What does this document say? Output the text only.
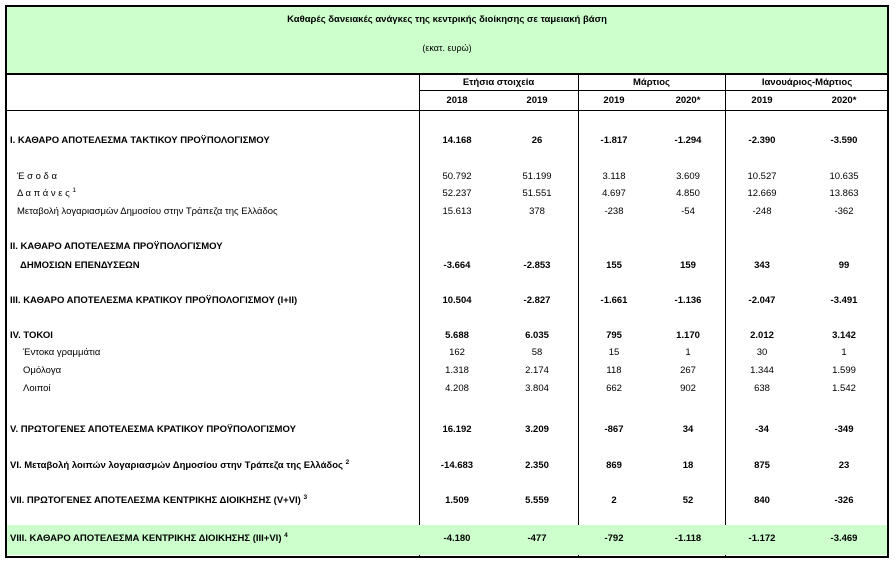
Καθαρές δανειακές ανάγκες της κεντρικής διοίκησης σε ταμειακή βάση
(εκατ. ευρώ)
Ετήσια στοιχεία	Μάρτιος	Ιανουάριος-Μάρτιος
2018	2019	2019	2020*	2019	2020*
I. ΚΑΘΑΡΟ ΑΠΟΤΕΛΕΣΜΑ ΤΑΚΤΙΚΟΥ ΠΡΟΫΠΟΛΟΓΙΣΜΟΥ	14.168	26	-1.817	-1.294	-2.390	-3.590
Έ σ ο δ α	50.792	51.199	3.118	3.609	10.527	10.635
Δ α π ά ν ε ς $^1$	52.237	51.551	4.697	4.850	12.669	13.863
Μεταβολή λογαριασμών Δημοσίου στην Τράπεζα της Ελλάδος	15.613	378	-238	-54	-248	-362
II. ΚΑΘΑΡΟ ΑΠΟΤΕΛΕΣΜΑ ΠΡΟΫΠΟΛΟΓΙΣΜΟΥ
ΔΗΜΟΣΙΩΝ ΕΠΕΝΔΥΣΕΩΝ	-3.664	-2.853	155	159	343	99
III. ΚΑΘΑΡΟ ΑΠΟΤΕΛΕΣΜΑ ΚΡΑΤΙΚΟΥ ΠΡΟΫΠΟΛΟΓΙΣΜΟΥ (I+II)	10.504	-2.827	-1.661	-1.136	-2.047	-3.491
IV. ΤΟΚΟΙ	5.688	6.035	795	1.170	2.012	3.142
Έντοκα γραμμάτια	162	58	15	1	30	1
Ομόλογα	1.318	2.174	118	267	1.344	1.599
Λοιποί	4.208	3.804	662	902	638	1.542
V. ΠΡΩΤΟΓΕΝΕΣ ΑΠΟΤΕΛΕΣΜΑ ΚΡΑΤΙΚΟΥ ΠΡΟΫΠΟΛΟΓΙΣΜΟΥ	16.192	3.209	-867	34	-34	-349
VI. Μεταβολή λοιπών λογαριασμών Δημοσίου στην Τράπεζα της Ελλάδος $^2$	-14.683	2.350	869	18	875	23
VII. ΠΡΩΤΟΓΕΝΕΣ ΑΠΟΤΕΛΕΣΜΑ ΚΕΝΤΡΙΚΗΣ ΔΙΟΙΚΗΣΗΣ (V+VI) $^3$	1.509	5.559	2	52	840	-326
VIII. ΚΑΘΑΡΟ ΑΠΟΤΕΛΕΣΜΑ ΚΕΝΤΡΙΚΗΣ ΔΙΟΙΚΗΣΗΣ (III+VI) $^4$	-4.180	-477	-792	-1.118	-1.172	-3.469
